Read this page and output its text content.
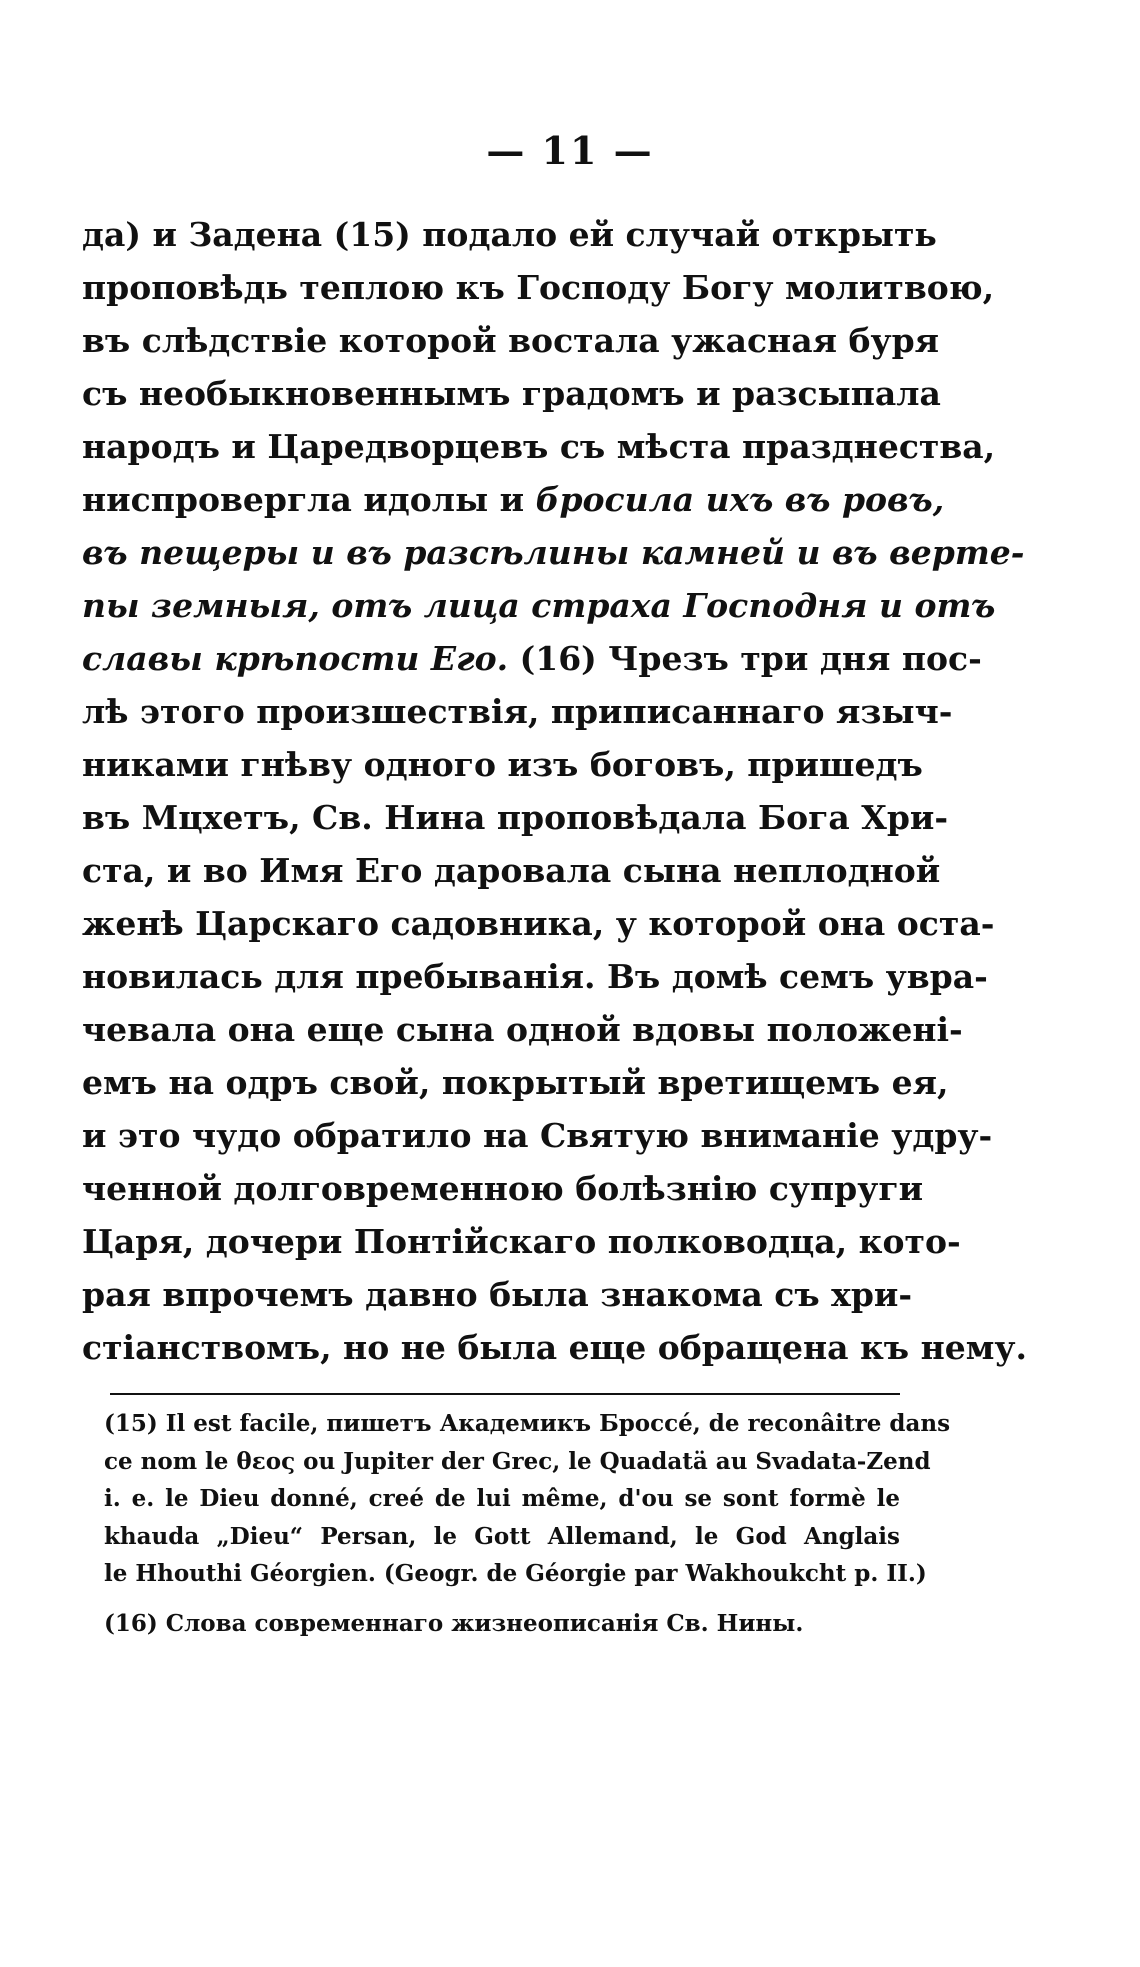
— 11 —
да) и Задена (15) подало ей случай открыть
проповѣдь теплою къ Господу Богу молитвою,
въ слѣдствіе которой востала ужасная буря
съ необыкновеннымъ градомъ и разсыпала
народъ и Царедворцевъ съ мѣста празднества,
ниспровергла идолы и бросила ихъ въ ровъ,
въ пещеры и въ разсѣлины камней и въ верте-
пы земныя, отъ лица страха Господня и отъ
славы крѣпости Его. (16) Чрезъ три дня пос-
лѣ этого произшествія, приписаннаго языч-
никами гнѣву одного изъ боговъ, пришедъ
въ Мцхетъ, Св. Нина проповѣдала Бога Хри-
ста, и во Имя Его даровала сына неплодной
женѣ Царскаго садовника, у которой она оста-
новилась для пребыванія. Въ домѣ семъ увра-
чевала она еще сына одной вдовы положені-
емъ на одръ свой, покрытый вретищемъ ея,
и это чудо обратило на Святую вниманіе удру-
ченной долговременною болѣзнію супруги
Царя, дочери Понтійскаго полководца, кото-
рая впрочемъ давно была знакома съ хри-
стіанствомъ, но не была еще обращена къ нему.
(15) Il est facile, пишетъ Академикъ Броссé, de reconâitre dans
ce nom le θεος ou Jupiter der Grec, le Quadatä au Svadata-Zend
i. e. le Dieu donné, creé de lui même, d'ou se sont formè le
khauda „Dieu“ Persan, le Gott Allemand, le God Anglais
le Hhouthi Géorgien. (Geogr. de Géorgie par Wakhoukcht p. II.)
(16) Слова современнаго жизнеописанія Св. Нины.
